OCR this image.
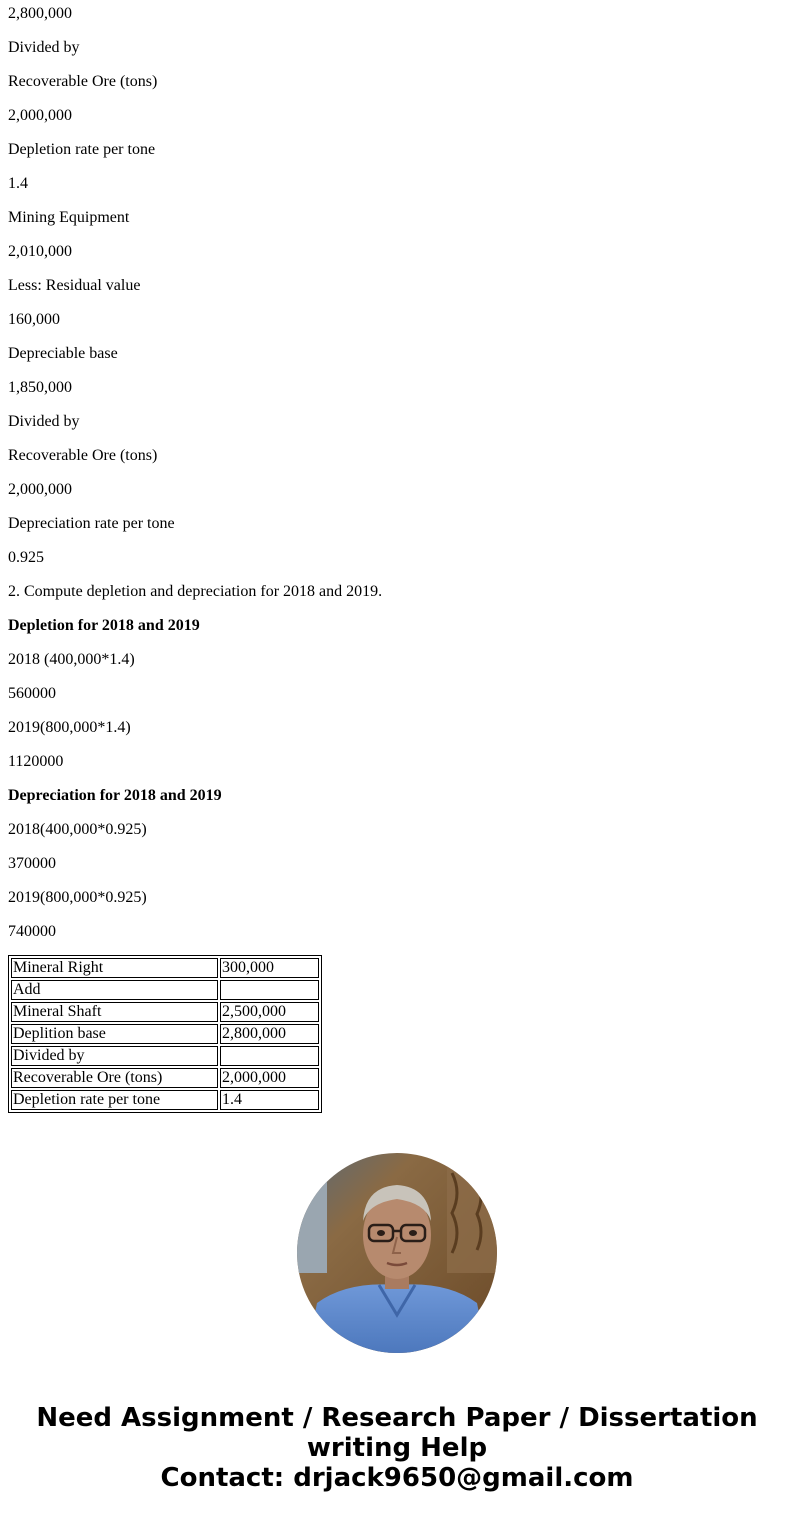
2,800,000

Divided by

Recoverable Ore (tons)

2,000,000

Depletion rate per tone

1.4

Mining Equipment

2,010,000

Less: Residual value

160,000

Depreciable base

1,850,000

Divided by

Recoverable Ore (tons)

2,000,000

Depreciation rate per tone

0.925

2. Compute depletion and depreciation for 2018 and 2019.

Depletion for 2018 and 2019

2018 (400,000*1.4)

560000

2019(800,000*1.4)

1120000

Depreciation for 2018 and 2019

2018(400,000*0.925)

370000

2019(800,000*0.925)

740000

Mineral Right	300,000
Add	
Mineral Shaft	2,500,000
Deplition base	2,800,000
Divided by	
Recoverable Ore (tons)	2,000,000
Depletion rate per tone	1.4
Need Assignment / Research Paper / Dissertation
writing Help
Contact: drjack9650@gmail.com
